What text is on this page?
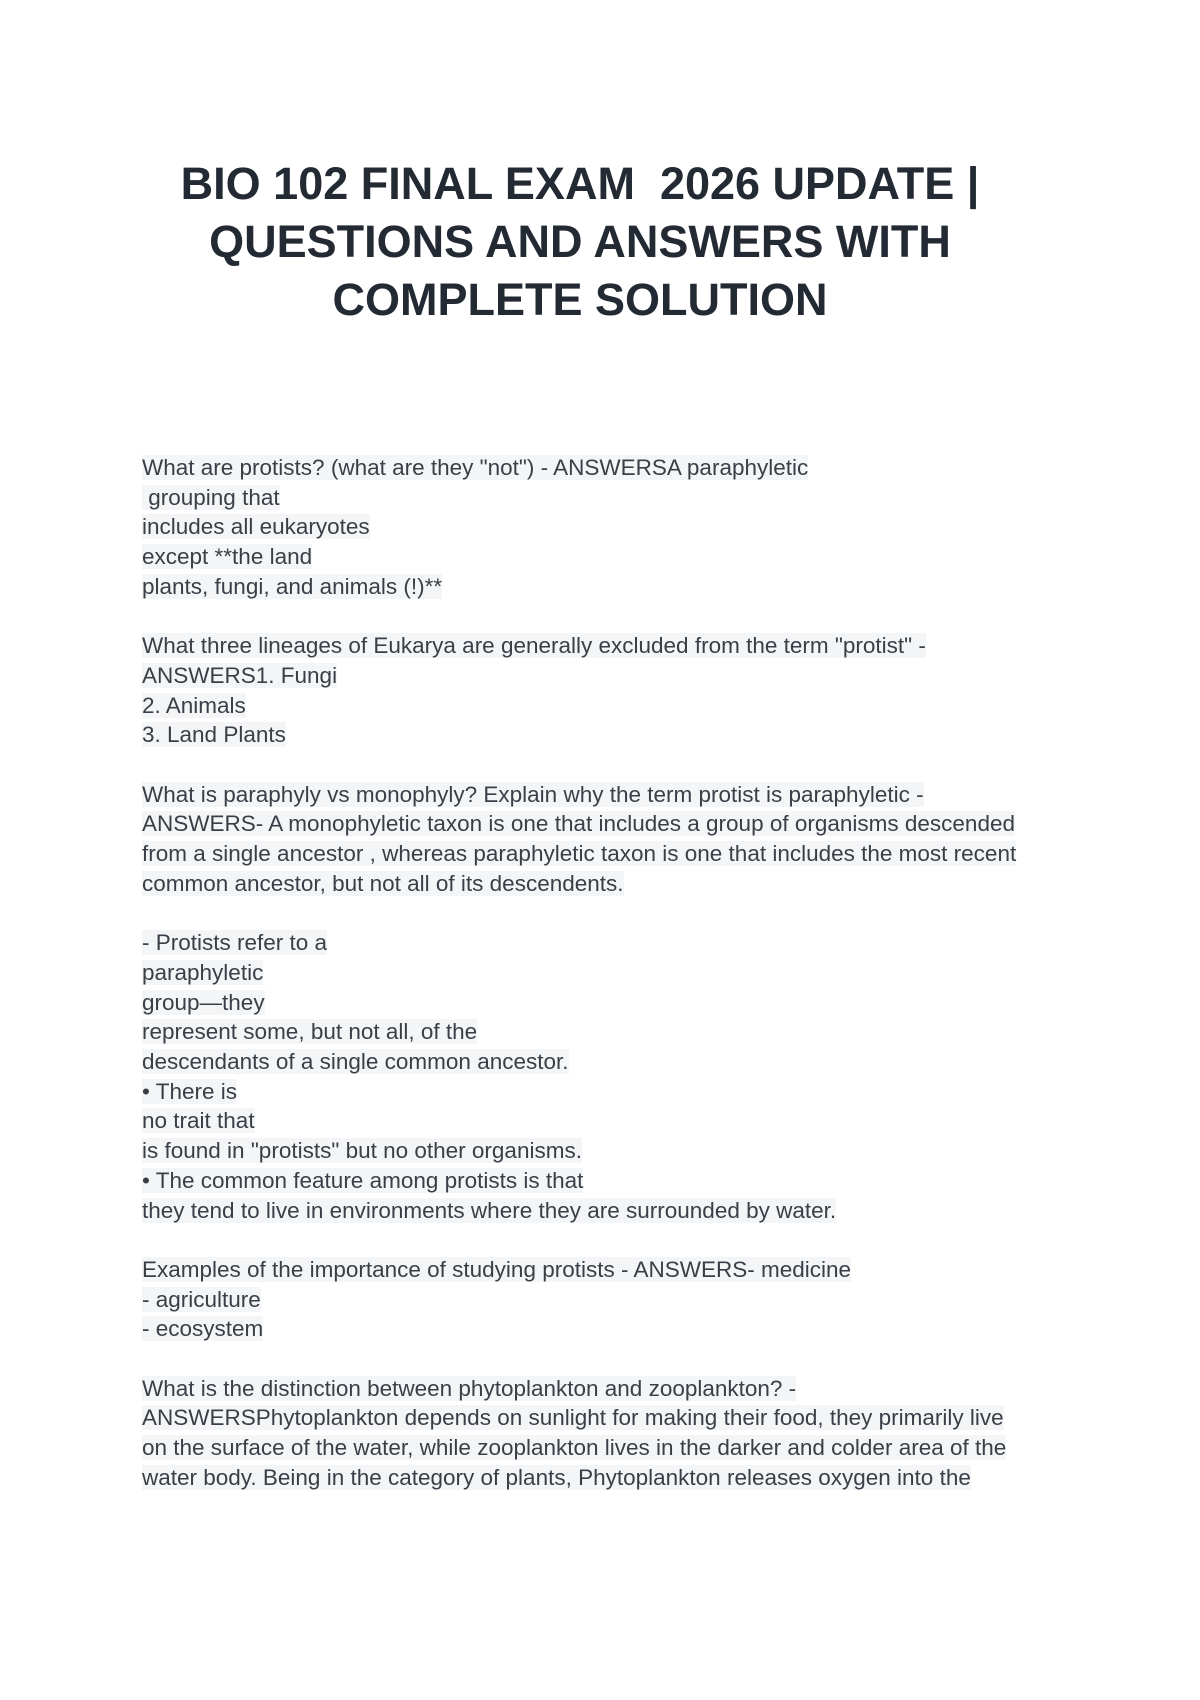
BIO 102 FINAL EXAM  2026 UPDATE |
QUESTIONS AND ANSWERS WITH
COMPLETE SOLUTION
What are protists? (what are they "not") - ANSWERSA paraphyletic
grouping that
includes all eukaryotes
except **the land
plants, fungi, and animals (!)**
What three lineages of Eukarya are generally excluded from the term "protist" -
ANSWERS1. Fungi
2. Animals
3. Land Plants
What is paraphyly vs monophyly? Explain why the term protist is paraphyletic -
ANSWERS- A monophyletic taxon is one that includes a group of organisms descended
from a single ancestor , whereas paraphyletic taxon is one that includes the most recent
common ancestor, but not all of its descendents.
- Protists refer to a
paraphyletic
group—they
represent some, but not all, of the
descendants of a single common ancestor.
• There is
no trait that
is found in "protists" but no other organisms.
• The common feature among protists is that
they tend to live in environments where they are surrounded by water.
Examples of the importance of studying protists - ANSWERS- medicine
- agriculture
- ecosystem
What is the distinction between phytoplankton and zooplankton? -
ANSWERSPhytoplankton depends on sunlight for making their food, they primarily live
on the surface of the water, while zooplankton lives in the darker and colder area of the
water body. Being in the category of plants, Phytoplankton releases oxygen into the
